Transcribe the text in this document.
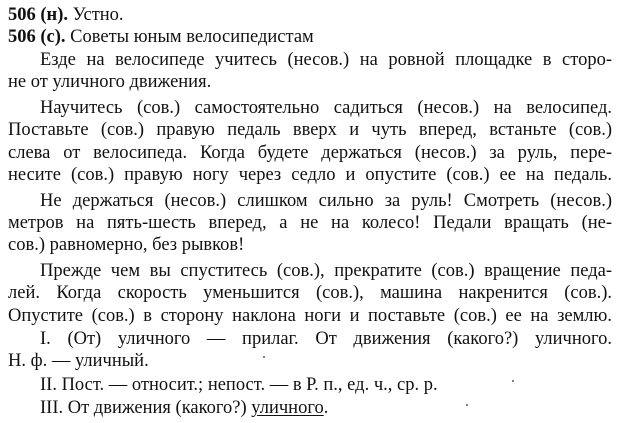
506 (н). Устно.
506 (с). Советы юным велосипедистам
Езде на велосипеде учитесь (несов.) на ровной площадке в сторо-
не от уличного движения.
Научитесь (сов.) самостоятельно садиться (несов.) на велосипед.
Поставьте (сов.) правую педаль вверх и чуть вперед, встаньте (сов.)
слева от велосипеда. Когда будете держаться (несов.) за руль, пере-
несите (сов.) правую ногу через седло и опустите (сов.) ее на педаль.
Не держаться (несов.) слишком сильно за руль! Смотреть (несов.)
метров на пять-шесть вперед, а не на колесо! Педали вращать (не-
сов.) равномерно, без рывков!
Прежде чем вы спуститесь (сов.), прекратите (сов.) вращение педа-
лей. Когда скорость уменьшится (сов.), машина накренится (сов.).
Опустите (сов.) в сторону наклона ноги и поставьте (сов.) ее на землю.
I. (От) уличного — прилаг. От движения (какого?) уличного.
Н. ф. — уличный.
II. Пост. — относит.; непост. — в Р. п., ед. ч., ср. р.
III. От движения (какого?) уличного.
